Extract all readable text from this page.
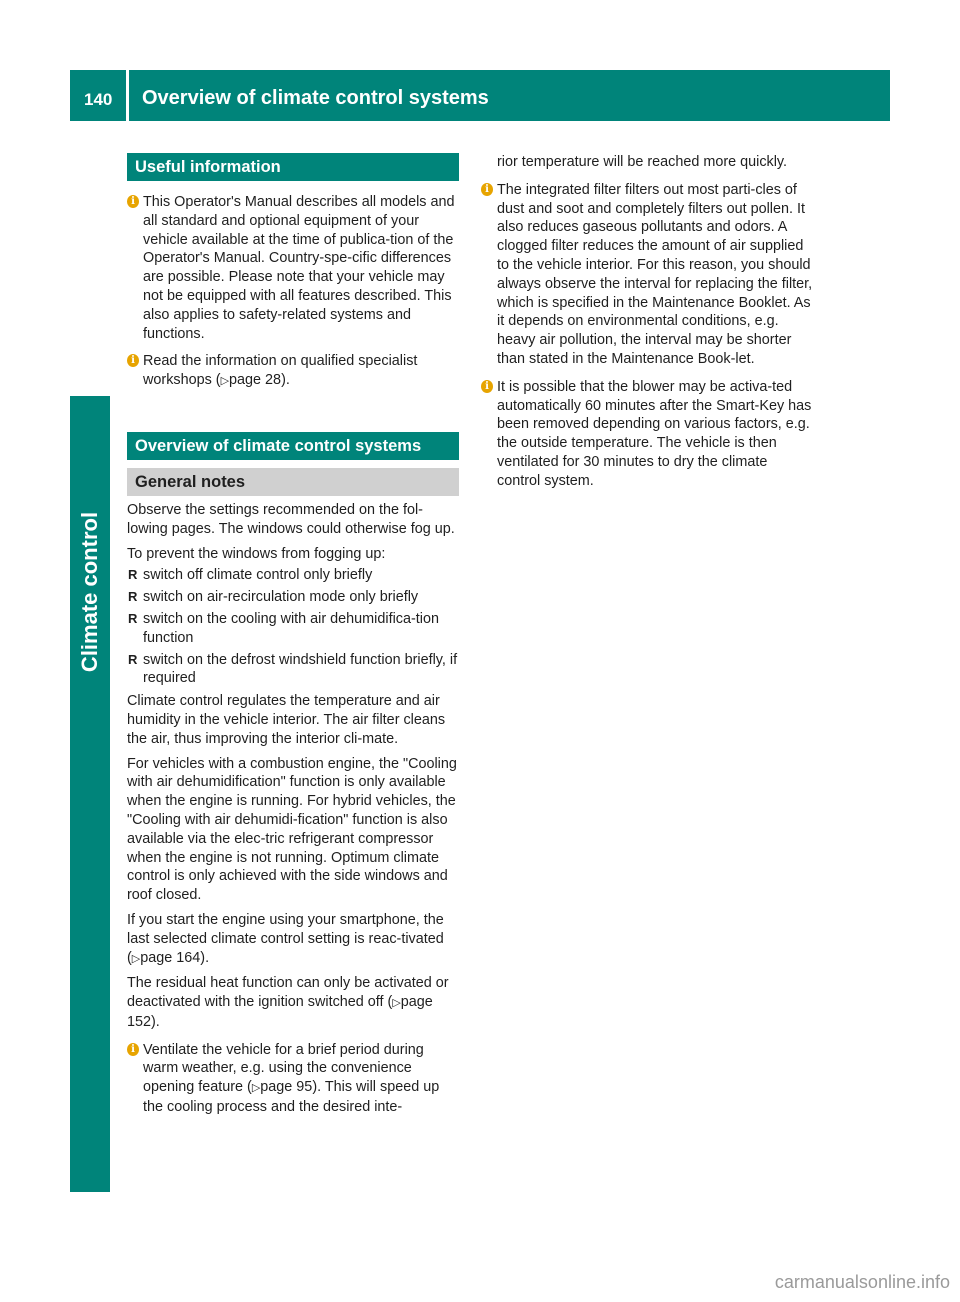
140 Overview of climate control systems
Climate control
Useful information
i This Operator's Manual describes all models and all standard and optional equipment of your vehicle available at the time of publica-tion of the Operator's Manual. Country-spe-cific differences are possible. Please note that your vehicle may not be equipped with all features described. This also applies to safety-related systems and functions.
i Read the information on qualified specialist workshops (▷page 28).
Overview of climate control systems
General notes

Observe the settings recommended on the fol-lowing pages. The windows could otherwise fog up.

To prevent the windows from fogging up:

R switch off climate control only briefly
R switch on air-recirculation mode only briefly
R switch on the cooling with air dehumidifica-tion function
R switch on the defrost windshield function briefly, if required

Climate control regulates the temperature and air humidity in the vehicle interior. The air filter cleans the air, thus improving the interior cli-mate.

For vehicles with a combustion engine, the "Cooling with air dehumidification" function is only available when the engine is running. For hybrid vehicles, the "Cooling with air dehumidi-fication" function is also available via the elec-tric refrigerant compressor when the engine is not running. Optimum climate control is only achieved with the side windows and roof closed.

If you start the engine using your smartphone, the last selected climate control setting is reac-tivated (▷page 164).

The residual heat function can only be activated or deactivated with the ignition switched off (▷page 152).

i Ventilate the vehicle for a brief period during warm weather, e.g. using the convenience opening feature (▷page 95). This will speed up the cooling process and the desired inte-
rior temperature will be reached more quickly.
i The integrated filter filters out most parti-cles of dust and soot and completely filters out pollen. It also reduces gaseous pollutants and odors. A clogged filter reduces the amount of air supplied to the vehicle interior. For this reason, you should always observe the interval for replacing the filter, which is specified in the Maintenance Booklet. As it depends on environmental conditions, e.g. heavy air pollution, the interval may be shorter than stated in the Maintenance Book-let.
i It is possible that the blower may be activa-ted automatically 60 minutes after the Smart-Key has been removed depending on various factors, e.g. the outside temperature. The vehicle is then ventilated for 30 minutes to dry the climate control system.
carmanualsonline.info
